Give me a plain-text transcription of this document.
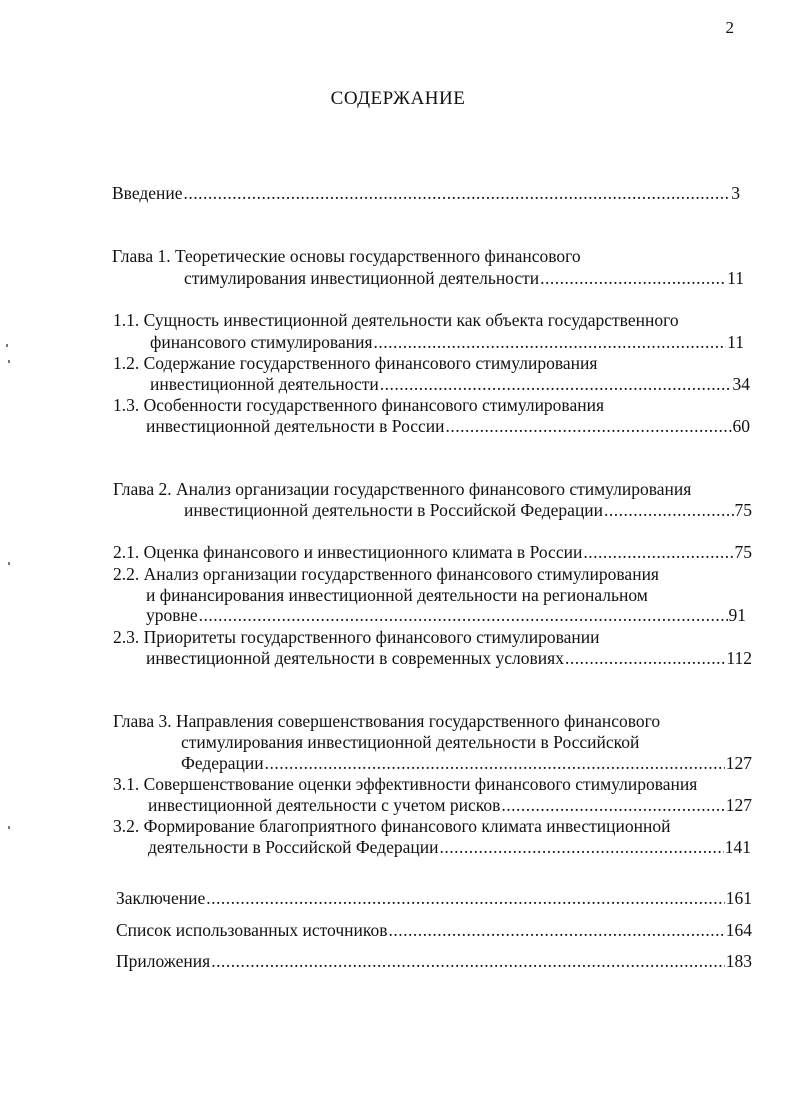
2
СОДЕРЖАНИЕ
Введение .....	3
Глава 1. Теоретические основы государственного финансового
стимулирования инвестиционной деятельности .....	11
1.1. Сущность инвестиционной деятельности как объекта государственного
финансового стимулирования .....	11
1.2. Содержание государственного финансового стимулирования
инвестиционной деятельности .....	34
1.3. Особенности государственного финансового стимулирования
инвестиционной деятельности в России .....	60
Глава 2. Анализ организации государственного финансового стимулирования
инвестиционной деятельности в Российской Федерации .....	75
2.1. Оценка финансового и инвестиционного климата в России .....	75
2.2. Анализ организации государственного финансового стимулирования
и финансирования инвестиционной деятельности на региональном
уровне .....	91
2.3. Приоритеты государственного финансового стимулировании
инвестиционной деятельности в современных условиях .....	112
Глава 3. Направления совершенствования государственного финансового
стимулирования инвестиционной деятельности в Российской
Федерации .....	127
3.1. Совершенствование оценки эффективности финансового стимулирования
инвестиционной деятельности с учетом рисков .....	127
3.2. Формирование благоприятного финансового климата инвестиционной
деятельности в Российской Федерации .....	141
Заключение .....	161
Список использованных источников .....	164
Приложения .....	183
